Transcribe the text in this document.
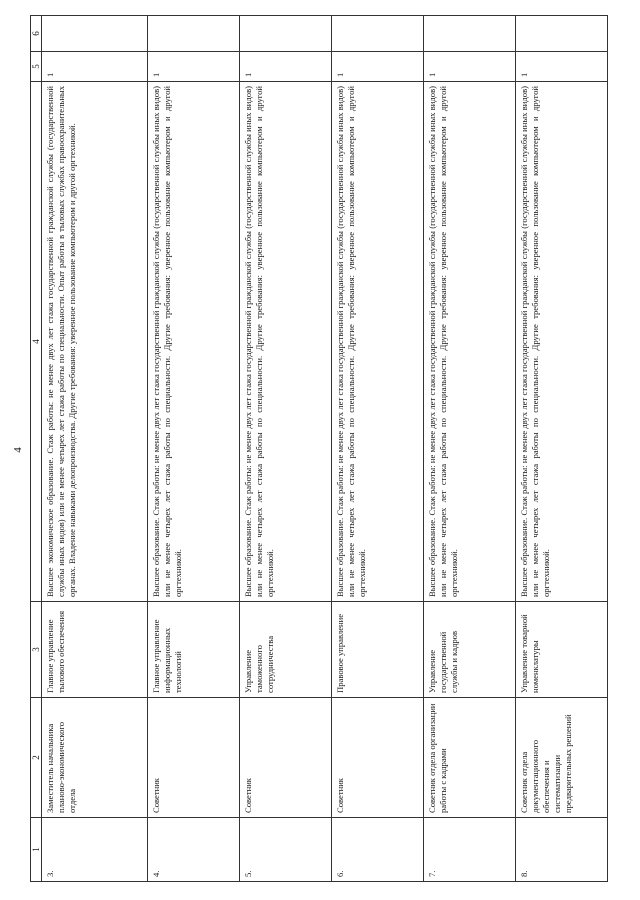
4
1	2	3	4	5	6
3.	Заместитель начальника планово-экономического отдела	Главное управление тылового обеспечения	Высшее экономическое образование. Стаж работы: не менее двух лет стажа государственной гражданской службы (государственной службы иных видов) или не менее четырех лет стажа работы по специальности. Опыт работы в тыловых службах правоохранительных органах. Владение навыками делопроизводства. Другие требования: уверенное пользование компьютером и другой оргтехникой.	1	
4.	Советник	Главное управление информационных технологий	Высшее образование. Стаж работы: не менее двух лет стажа государственной гражданской службы (государственной службы иных видов) или не менее четырех лет стажа работы по специальности. Другие требования: уверенное пользование компьютером и другой оргтехникой.	1	
5.	Советник	Управление таможенного сотрудничества	Высшее образование. Стаж работы: не менее двух лет стажа государственной гражданской службы (государственной службы иных видов) или не менее четырех лет стажа работы по специальности. Другие требования: уверенное пользование компьютером и другой оргтехникой.	1	
6.	Советник	Правовое управление	Высшее образование. Стаж работы: не менее двух лет стажа государственной гражданской службы (государственной службы иных видов) или не менее четырех лет стажа работы по специальности. Другие требования: уверенное пользование компьютером и другой оргтехникой.	1	
7.	Советник отдела организации работы с кадрами	Управление государственной службы и кадров	Высшее образование. Стаж работы: не менее двух лет стажа государственной гражданской службы (государственной службы иных видов) или не менее четырех лет стажа работы по специальности. Другие требования: уверенное пользование компьютером и другой оргтехникой.	1	
8.	Советник отдела документационного обеспечения и систематизации предварительных решений	Управление товарной номенклатуры	Высшее образование. Стаж работы: не менее двух лет стажа государственной гражданской службы (государственной службы иных видов) или не менее четырех лет стажа работы по специальности. Другие требования: уверенное пользование компьютером и другой оргтехникой.	1	
